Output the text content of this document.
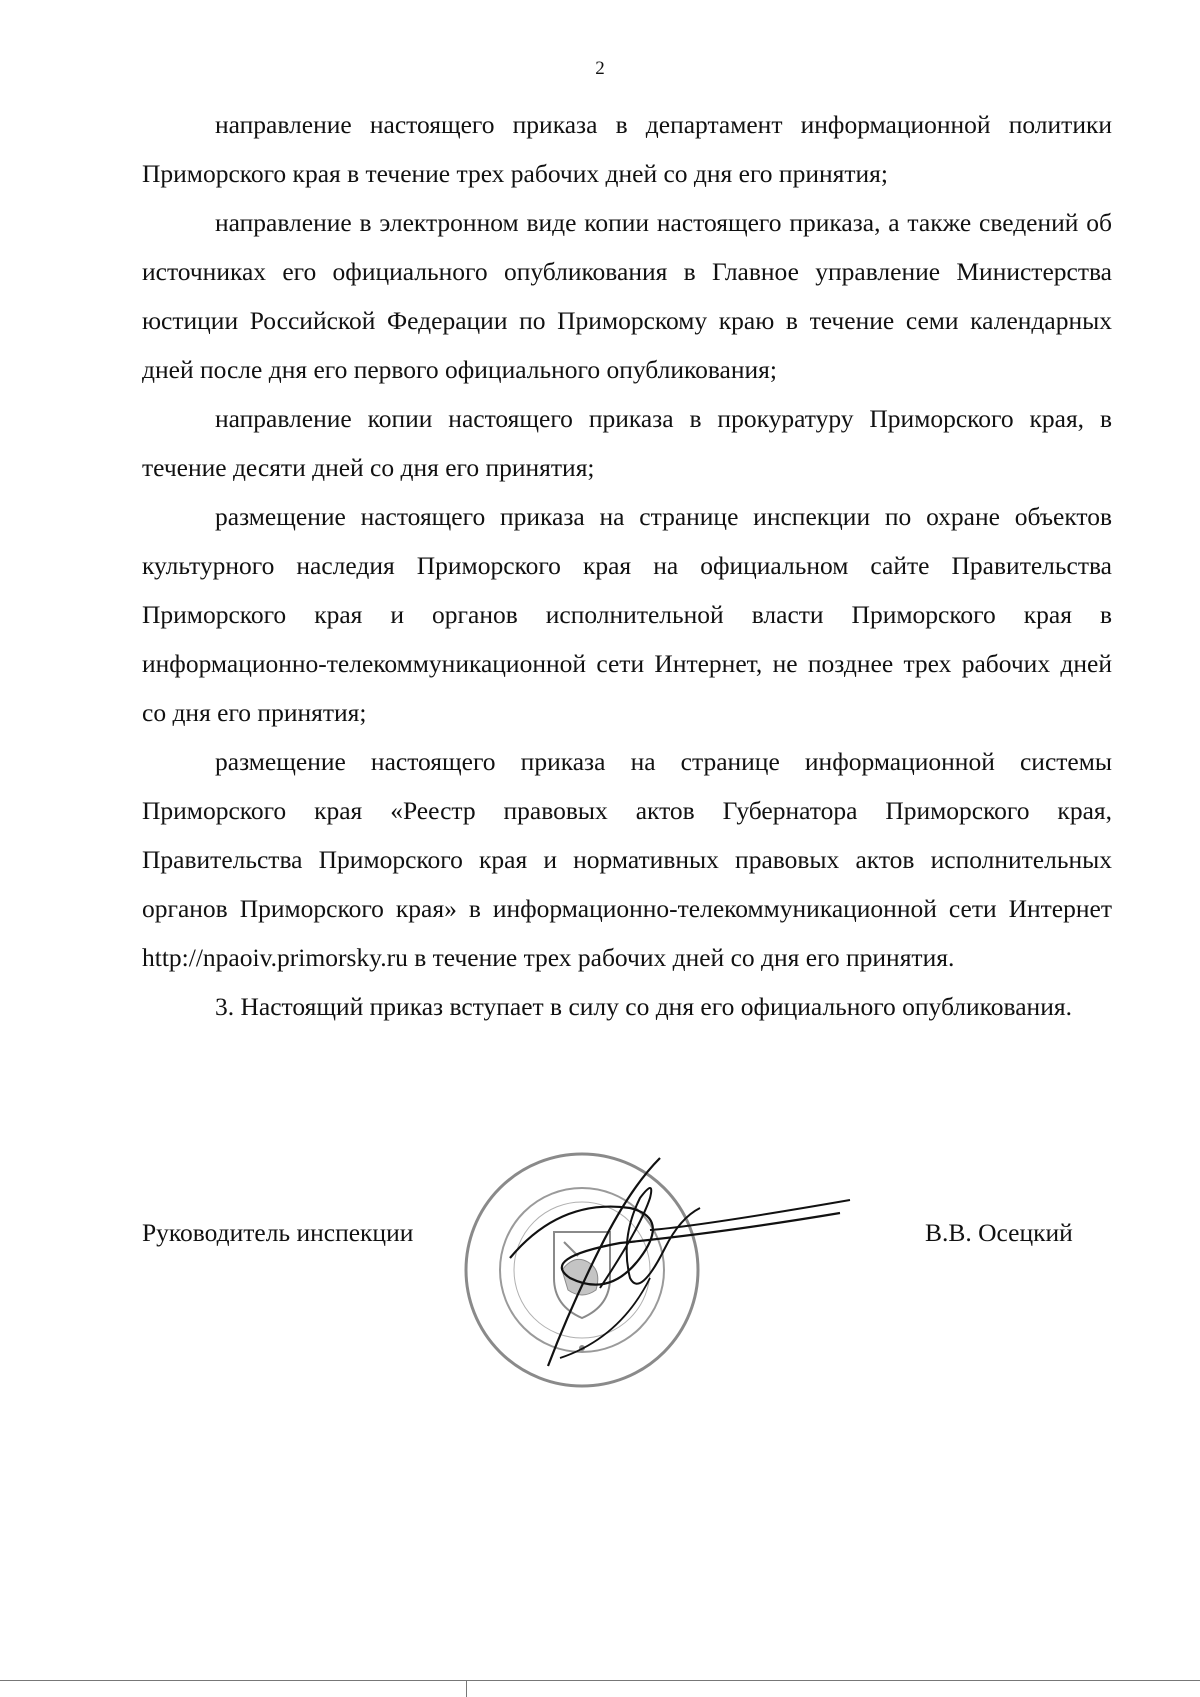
2

направление настоящего приказа в департамент информационной политики Приморского края в течение трех рабочих дней со дня его принятия;

направление в электронном виде копии настоящего приказа, а также сведений об источниках его официального опубликования в Главное управление Министерства юстиции Российской Федерации по Приморскому краю в течение семи календарных дней после дня его первого официального опубликования;

направление копии настоящего приказа в прокуратуру Приморского края, в течение десяти дней со дня его принятия;

размещение настоящего приказа на странице инспекции по охране объектов культурного наследия Приморского края на официальном сайте Правительства Приморского края и органов исполнительной власти Приморского края в информационно-телекоммуникационной сети Интернет, не позднее трех рабочих дней со дня его принятия;

размещение настоящего приказа на странице информационной системы Приморского края «Реестр правовых актов Губернатора Приморского края, Правительства Приморского края и нормативных правовых актов исполнительных органов Приморского края» в информационно-телекоммуникационной сети Интернет http://npaoiv.primorsky.ru в течение трех рабочих дней со дня его принятия.

3. Настоящий приказ вступает в силу со дня его официального опубликования.

Руководитель инспекции	В.В. Осецкий
